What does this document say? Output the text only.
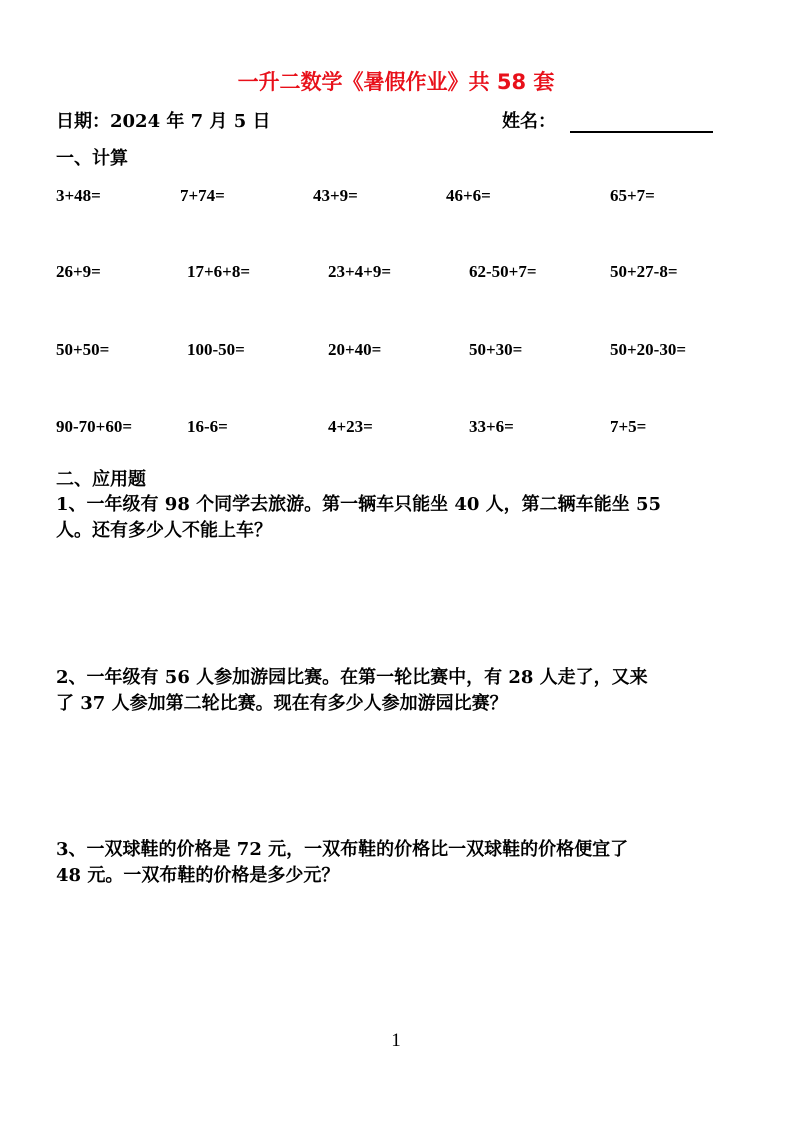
一升二数学《暑假作业》共 58 套
日期：2024 年 7 月 5 日	姓名：
一、计算
3+48=	7+74=	43+9=	46+6=	65+7=
26+9=	17+6+8=	23+4+9=	62-50+7=	50+27-8=
50+50=	100-50=	20+40=	50+30=	50+20-30=
90-70+60=	16-6=	4+23=	33+6=	7+5=
二、应用题
1、一年级有 98 个同学去旅游。第一辆车只能坐 40 人，第二辆车能坐 55
人。还有多少人不能上车？
2、一年级有 56 人参加游园比赛。在第一轮比赛中，有 28 人走了，又来
了 37 人参加第二轮比赛。现在有多少人参加游园比赛？
3、一双球鞋的价格是 72 元，一双布鞋的价格比一双球鞋的价格便宜了
48 元。一双布鞋的价格是多少元？
1
